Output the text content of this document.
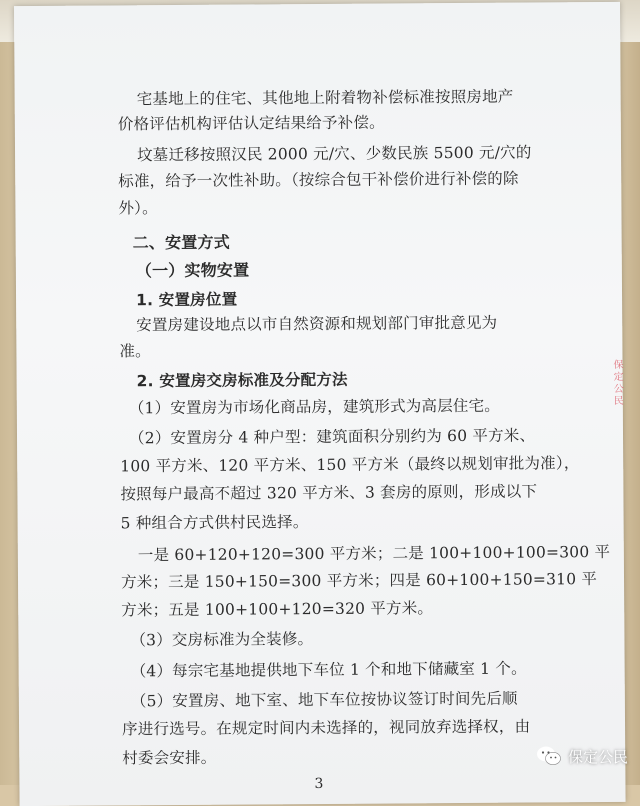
宅基地上的住宅、其他地上附着物补偿标准按照房地产

价格评估机构评估认定结果给予补偿。

坟墓迁移按照汉民 2000 元/穴、少数民族 5500 元/穴的

标准，给予一次性补助。（按综合包干补偿价进行补偿的除

外）。

二、安置方式

（一）实物安置

1. 安置房位置

安置房建设地点以市自然资源和规划部门审批意见为

准。

2. 安置房交房标准及分配方法

（1）安置房为市场化商品房，建筑形式为高层住宅。

（2）安置房分 4 种户型：建筑面积分别约为 60 平方米、

100 平方米、120 平方米、150 平方米（最终以规划审批为准），

按照每户最高不超过 320 平方米、3 套房的原则，形成以下

5 种组合方式供村民选择。

一是 60+120+120=300 平方米；二是 100+100+100=300 平

方米；三是 150+150=300 平方米；四是 60+100+150=310 平

方米；五是 100+100+120=320 平方米。

（3）交房标准为全装修。

（4）每宗宅基地提供地下车位 1 个和地下储藏室 1 个。

（5）安置房、地下室、地下车位按协议签订时间先后顺

序进行选号。在规定时间内未选择的，视同放弃选择权，由

村委会安排。

3

保定公民
保定公民
